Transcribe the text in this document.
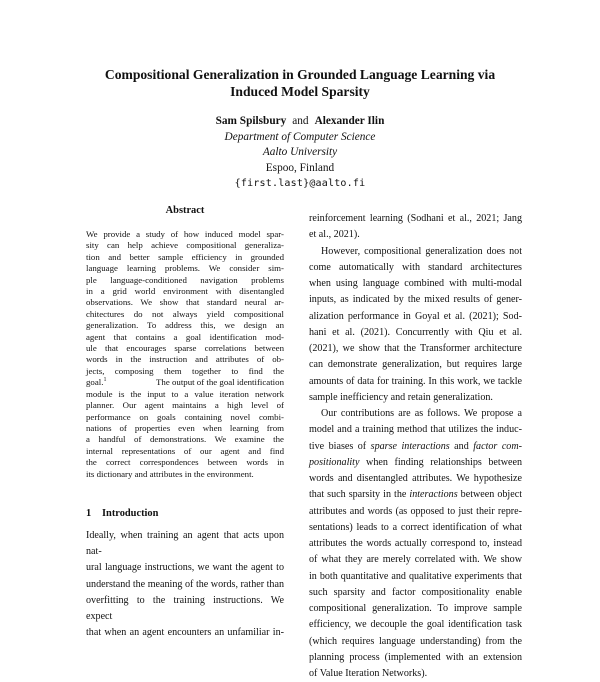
Compositional Generalization in Grounded Language Learning via
Induced Model Sparsity
Sam Spilsbury and Alexander Ilin
Department of Computer Science
Aalto University
Espoo, Finland
{first.last}@aalto.fi
Abstract
We provide a study of how induced model spar-
sity can help achieve compositional generaliza-
tion and better sample efficiency in grounded
language learning problems. We consider sim-
ple language-conditioned navigation problems
in a grid world environment with disentangled
observations. We show that standard neural ar-
chitectures do not always yield compositional
generalization. To address this, we design an
agent that contains a goal identification mod-
ule that encourages sparse correlations between
words in the instruction and attributes of ob-
jects, composing them together to find the
goal.$^1$	The output of the goal identification
module is the input to a value iteration network
planner. Our agent maintains a high level of
performance on goals containing novel combi-
nations of properties even when learning from
a handful of demonstrations. We examine the
internal representations of our agent and find
the correct correspondences between words in
its dictionary and attributes in the environment.
1 Introduction
Ideally, when training an agent that acts upon nat-
ural language instructions, we want the agent to
understand the meaning of the words, rather than
overfitting to the training instructions. We expect
that when an agent encounters an unfamiliar in-
reinforcement learning (Sodhani et al., 2021; Jang
et al., 2021).
However, compositional generalization does not
come automatically with standard architectures
when using language combined with multi-modal
inputs, as indicated by the mixed results of gener-
alization performance in Goyal et al. (2021); Sod-
hani et al. (2021). Concurrently with Qiu et al.
(2021), we show that the Transformer architecture
can demonstrate generalization, but requires large
amounts of data for training. In this work, we tackle
sample inefficiency and retain generalization.
Our contributions are as follows. We propose a
model and a training method that utilizes the induc-
tive biases of sparse interactions and factor com-
positionality when finding relationships between
words and disentangled attributes. We hypothesize
that such sparsity in the interactions between object
attributes and words (as opposed to just their repre-
sentations) leads to a correct identification of what
attributes the words actually correspond to, instead
of what they are merely correlated with. We show
in both quantitative and qualitative experiments that
such sparsity and factor compositionality enable
compositional generalization. To improve sample
efficiency, we decouple the goal identification task
(which requires language understanding) from the
planning process (implemented with an extension
of Value Iteration Networks).
